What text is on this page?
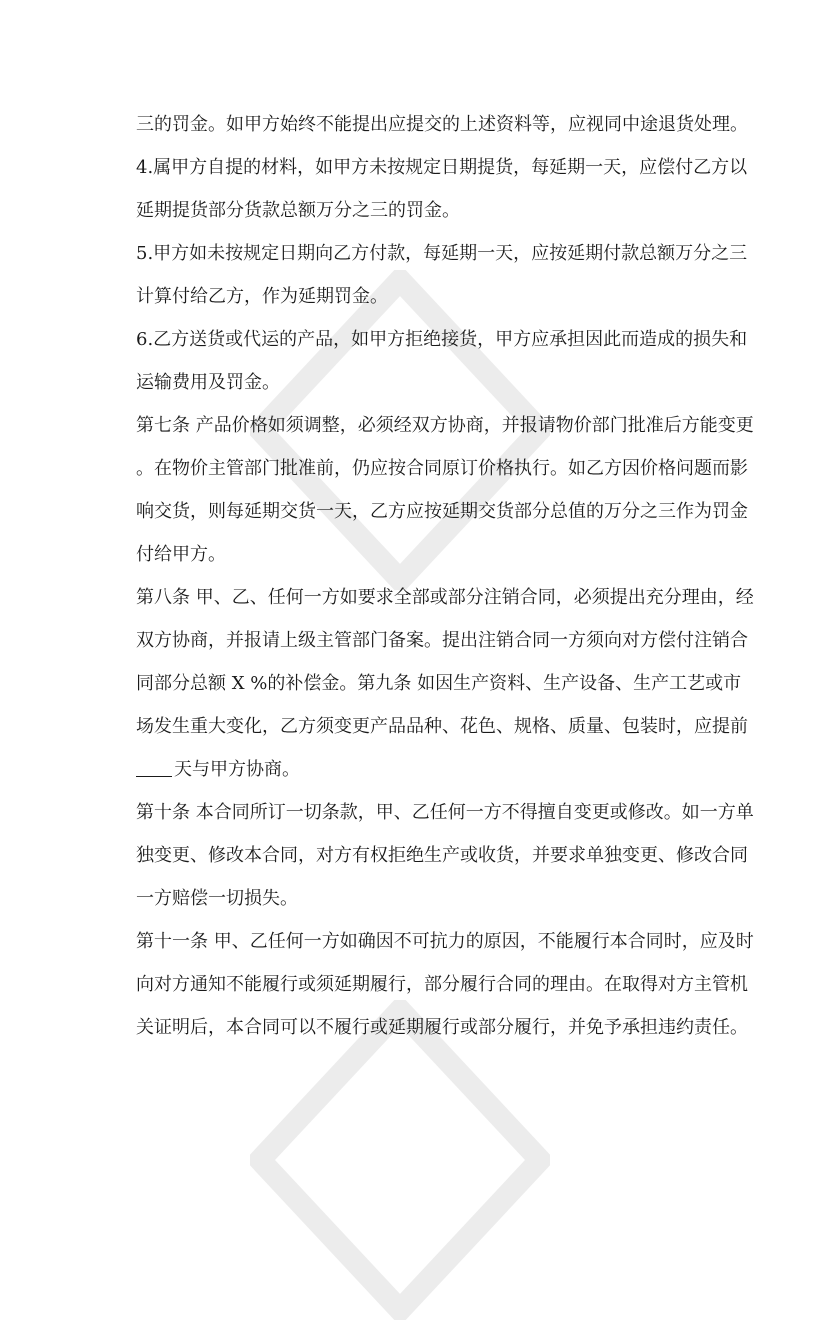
三的罚金。如甲方始终不能提出应提交的上述资料等，应视同中途退货处理。
4.属甲方自提的材料，如甲方未按规定日期提货，每延期一天，应偿付乙方以
延期提货部分货款总额万分之三的罚金。
5.甲方如未按规定日期向乙方付款，每延期一天，应按延期付款总额万分之三
计算付给乙方，作为延期罚金。
6.乙方送货或代运的产品，如甲方拒绝接货，甲方应承担因此而造成的损失和
运输费用及罚金。
第七条 产品价格如须调整，必须经双方协商，并报请物价部门批准后方能变更
。在物价主管部门批准前，仍应按合同原订价格执行。如乙方因价格问题而影
响交货，则每延期交货一天，乙方应按延期交货部分总值的万分之三作为罚金
付给甲方。
第八条 甲、乙、任何一方如要求全部或部分注销合同，必须提出充分理由，经
双方协商，并报请上级主管部门备案。提出注销合同一方须向对方偿付注销合
同部分总额 X %的补偿金。第九条 如因生产资料、生产设备、生产工艺或市
场发生重大变化，乙方须变更产品品种、花色、规格、质量、包装时，应提前
天与甲方协商。
第十条 本合同所订一切条款，甲、乙任何一方不得擅自变更或修改。如一方单
独变更、修改本合同，对方有权拒绝生产或收货，并要求单独变更、修改合同
一方赔偿一切损失。
第十一条 甲、乙任何一方如确因不可抗力的原因，不能履行本合同时，应及时
向对方通知不能履行或须延期履行，部分履行合同的理由。在取得对方主管机
关证明后，本合同可以不履行或延期履行或部分履行，并免予承担违约责任。
